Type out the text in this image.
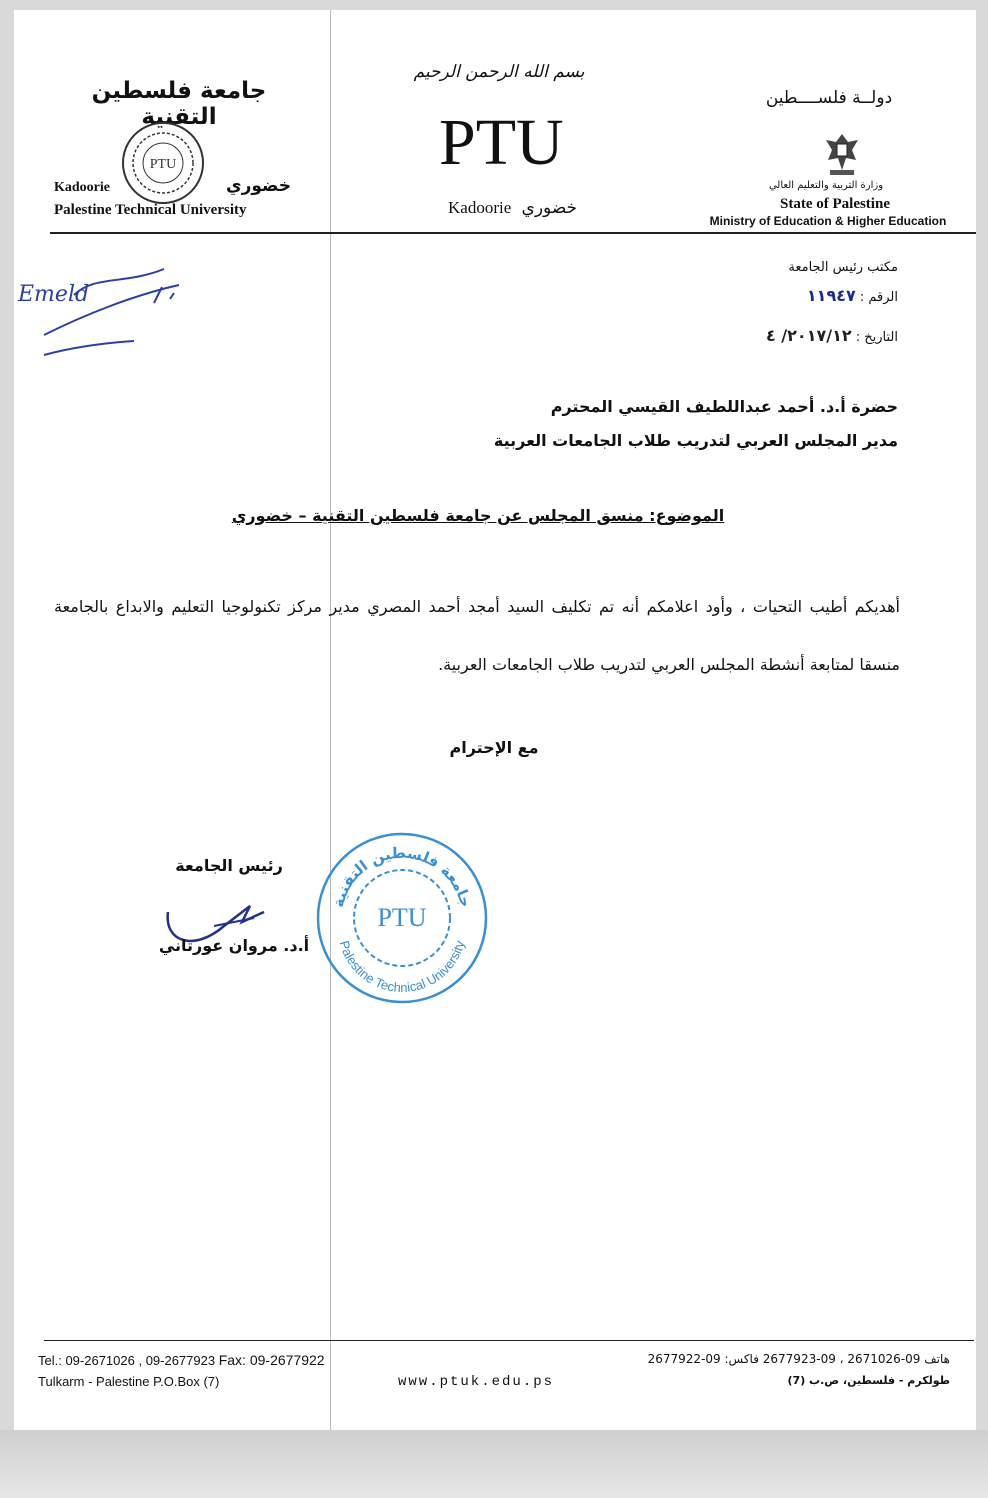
جامعة فلسطين التقنية
PTU
Kadoorie	خضوري
Palestine Technical University
بسم الله الرحمن الرحيم
PTU
Kadoorie خضوري
دولــة فلســــطين
وزارة التربية والتعليم العالي
State of Palestine
Ministry of Education & Higher Education
Emeld
مكتب رئيس الجامعة
الرقم : ١١٩٤٧
التاريخ : ٢٠١٧/١٢/ ٤
حضرة أ.د. أحمد عبداللطيف القيسي المحترم
مدير المجلس العربي لتدريب طلاب الجامعات العربية
الموضوع: منسق المجلس عن جامعة فلسطين التقنية – خضوري
أهديكم أطيب التحيات ، وأود اعلامكم أنه تم تكليف السيد أمجد أحمد المصري مدير مركز تكنولوجيا التعليم والابداع بالجامعة منسقا لمتابعة أنشطة المجلس العربي لتدريب طلاب الجامعات العربية.
مع الإحترام
رئيس الجامعة
أ.د. مروان عورتاني
جامعة فلسطين التقنية
Palestine Technical University
PTU
Tel.: 09-2671026 , 09-2677923 Fax: 09-2677922
Tulkarm - Palestine P.O.Box (7)	www.ptuk.edu.ps
هاتف 09-2671026 ، 09-2677923 فاكس: 09-2677922
طولكرم - فلسطين، ص.ب (7)
